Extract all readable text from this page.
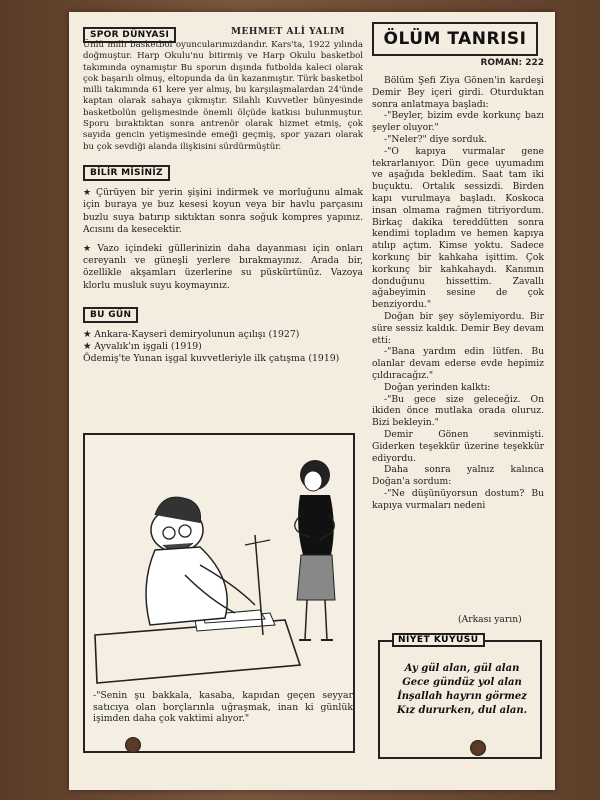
SPOR DÜNYASI	MEHMET ALİ YALIM

Ünlü milli basketbol oyuncularımızdandır. Kars'ta, 1922 yılında doğmuştur. Harp Okulu'nu bitirmiş ve Harp Okulu basketbol takımında oynamıştır Bu sporun dışında futbolda kaleci olarak çok başarılı olmuş, eltopunda da ün kazanmıştır. Türk basketbol milli takımında 61 kere yer almış, bu karşılaşmalardan 24'ünde kaptan olarak sahaya çıkmıştır. Silahlı Kuvvetler bünyesinde basketbolün gelişmesinde önemli ölçüde katkısı bulunmuştur. Sporu bıraktıktan sonra antrenör olarak hizmet etmiş, çok sayıda gencin yetişmesinde emeği geçmiş, spor yazarı olarak bu çok sevdiği alanda ilişkisini sürdürmüştür.

BİLİR MİSİNİZ

★ Çürüyen bir yerin şişini indirmek ve morluğunu almak için buraya ye buz kesesi koyun veya bir havlu parçasını buzlu suya batırıp sıktıktan sonra soğuk kompres yapınız. Acısını da kesecektir.

★ Vazo içindeki güllerinizin daha dayanması için onları cereyanlı ve güneşli yerlere bırakmayınız. Arada bir, özellikle akşamları üzerlerine su püskürtünüz. Vazoya klorlu musluk suyu koymayınız.

BU GÜN

★ Ankara-Kayseri demiryolunun açılışı (1927)

★ Ayvalık'ın işgali (1919)

Ödemiş'te Yunan işgal kuvvetleriyle ilk çatışma (1919)

-"Senin şu bakkala, kasaba, kapıdan geçen seyyar satıcıya olan borçlarınla uğraşmak, inan ki günlük işimden daha çok vaktimi alıyor."
ÖLÜM TANRISI
ROMAN: 222

Bölüm Şefi Ziya Gönen'in kardeşi Demir Bey içeri girdi. Oturduktan sonra anlatmaya başladı:

-"Beyler, bizim evde korkunç bazı şeyler oluyor."

-"Neler?" diye sorduk.

-"O kapıya vurmalar gene tekrarlanıyor. Dün gece uyumadım ve aşağıda bekledim. Saat tam iki buçuktu. Ortalık sessizdi. Birden kapı vurulmaya başladı. Koskoca insan olmama rağmen titriyordum. Birkaç dakika tereddütten sonra kendimi topladım ve hemen kapıya atılıp açtım. Kimse yoktu. Sadece korkunç bir kahkaha işittim. Çok korkunç bir kahkahaydı. Kanımın donduğunu hissettim. Zavallı ağabeyimin sesine de çok benziyordu."

Doğan bir şey söylemiyordu. Bir süre sessiz kaldık. Demir Bey devam etti:

-"Bana yardım edin lütfen. Bu olanlar devam ederse evde hepimiz çıldıracağız."

Doğan yerinden kalktı:

-"Bu gece size geleceğiz. On ikiden önce mutlaka orada oluruz. Bizi bekleyin."

Demir Gönen sevinmişti. Giderken teşekkür üzerine teşekkür ediyordu.

Daha sonra yalnız kalınca Doğan'a sordum:

-"Ne düşünüyorsun dostum? Bu kapıya vurmaları nedeni

(Arkası yarın)
NİYET KUYUSU
Ay gül alan, gül alan
Gece gündüz yol alan
İnşallah hayrın görmez
Kız dururken, dul alan.
